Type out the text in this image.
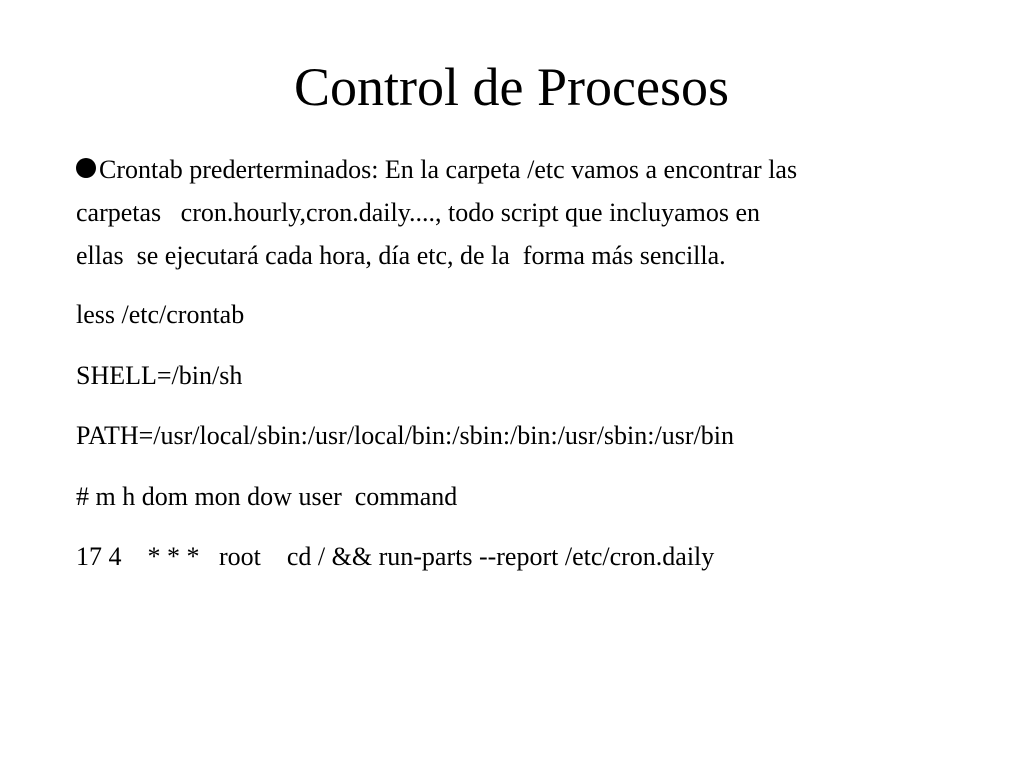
Control de Procesos

Crontab prederterminados: En la carpeta /etc vamos a encontrar las
carpetas   cron.hourly,cron.daily...., todo script que incluyamos en
ellas  se ejecutará cada hora, día etc, de la  forma más sencilla.

less /etc/crontab
SHELL=/bin/sh
PATH=/usr/local/sbin:/usr/local/bin:/sbin:/bin:/usr/sbin:/usr/bin
# m h dom mon dow user  command
17 4    * * *   root    cd / && run-parts --report /etc/cron.daily
